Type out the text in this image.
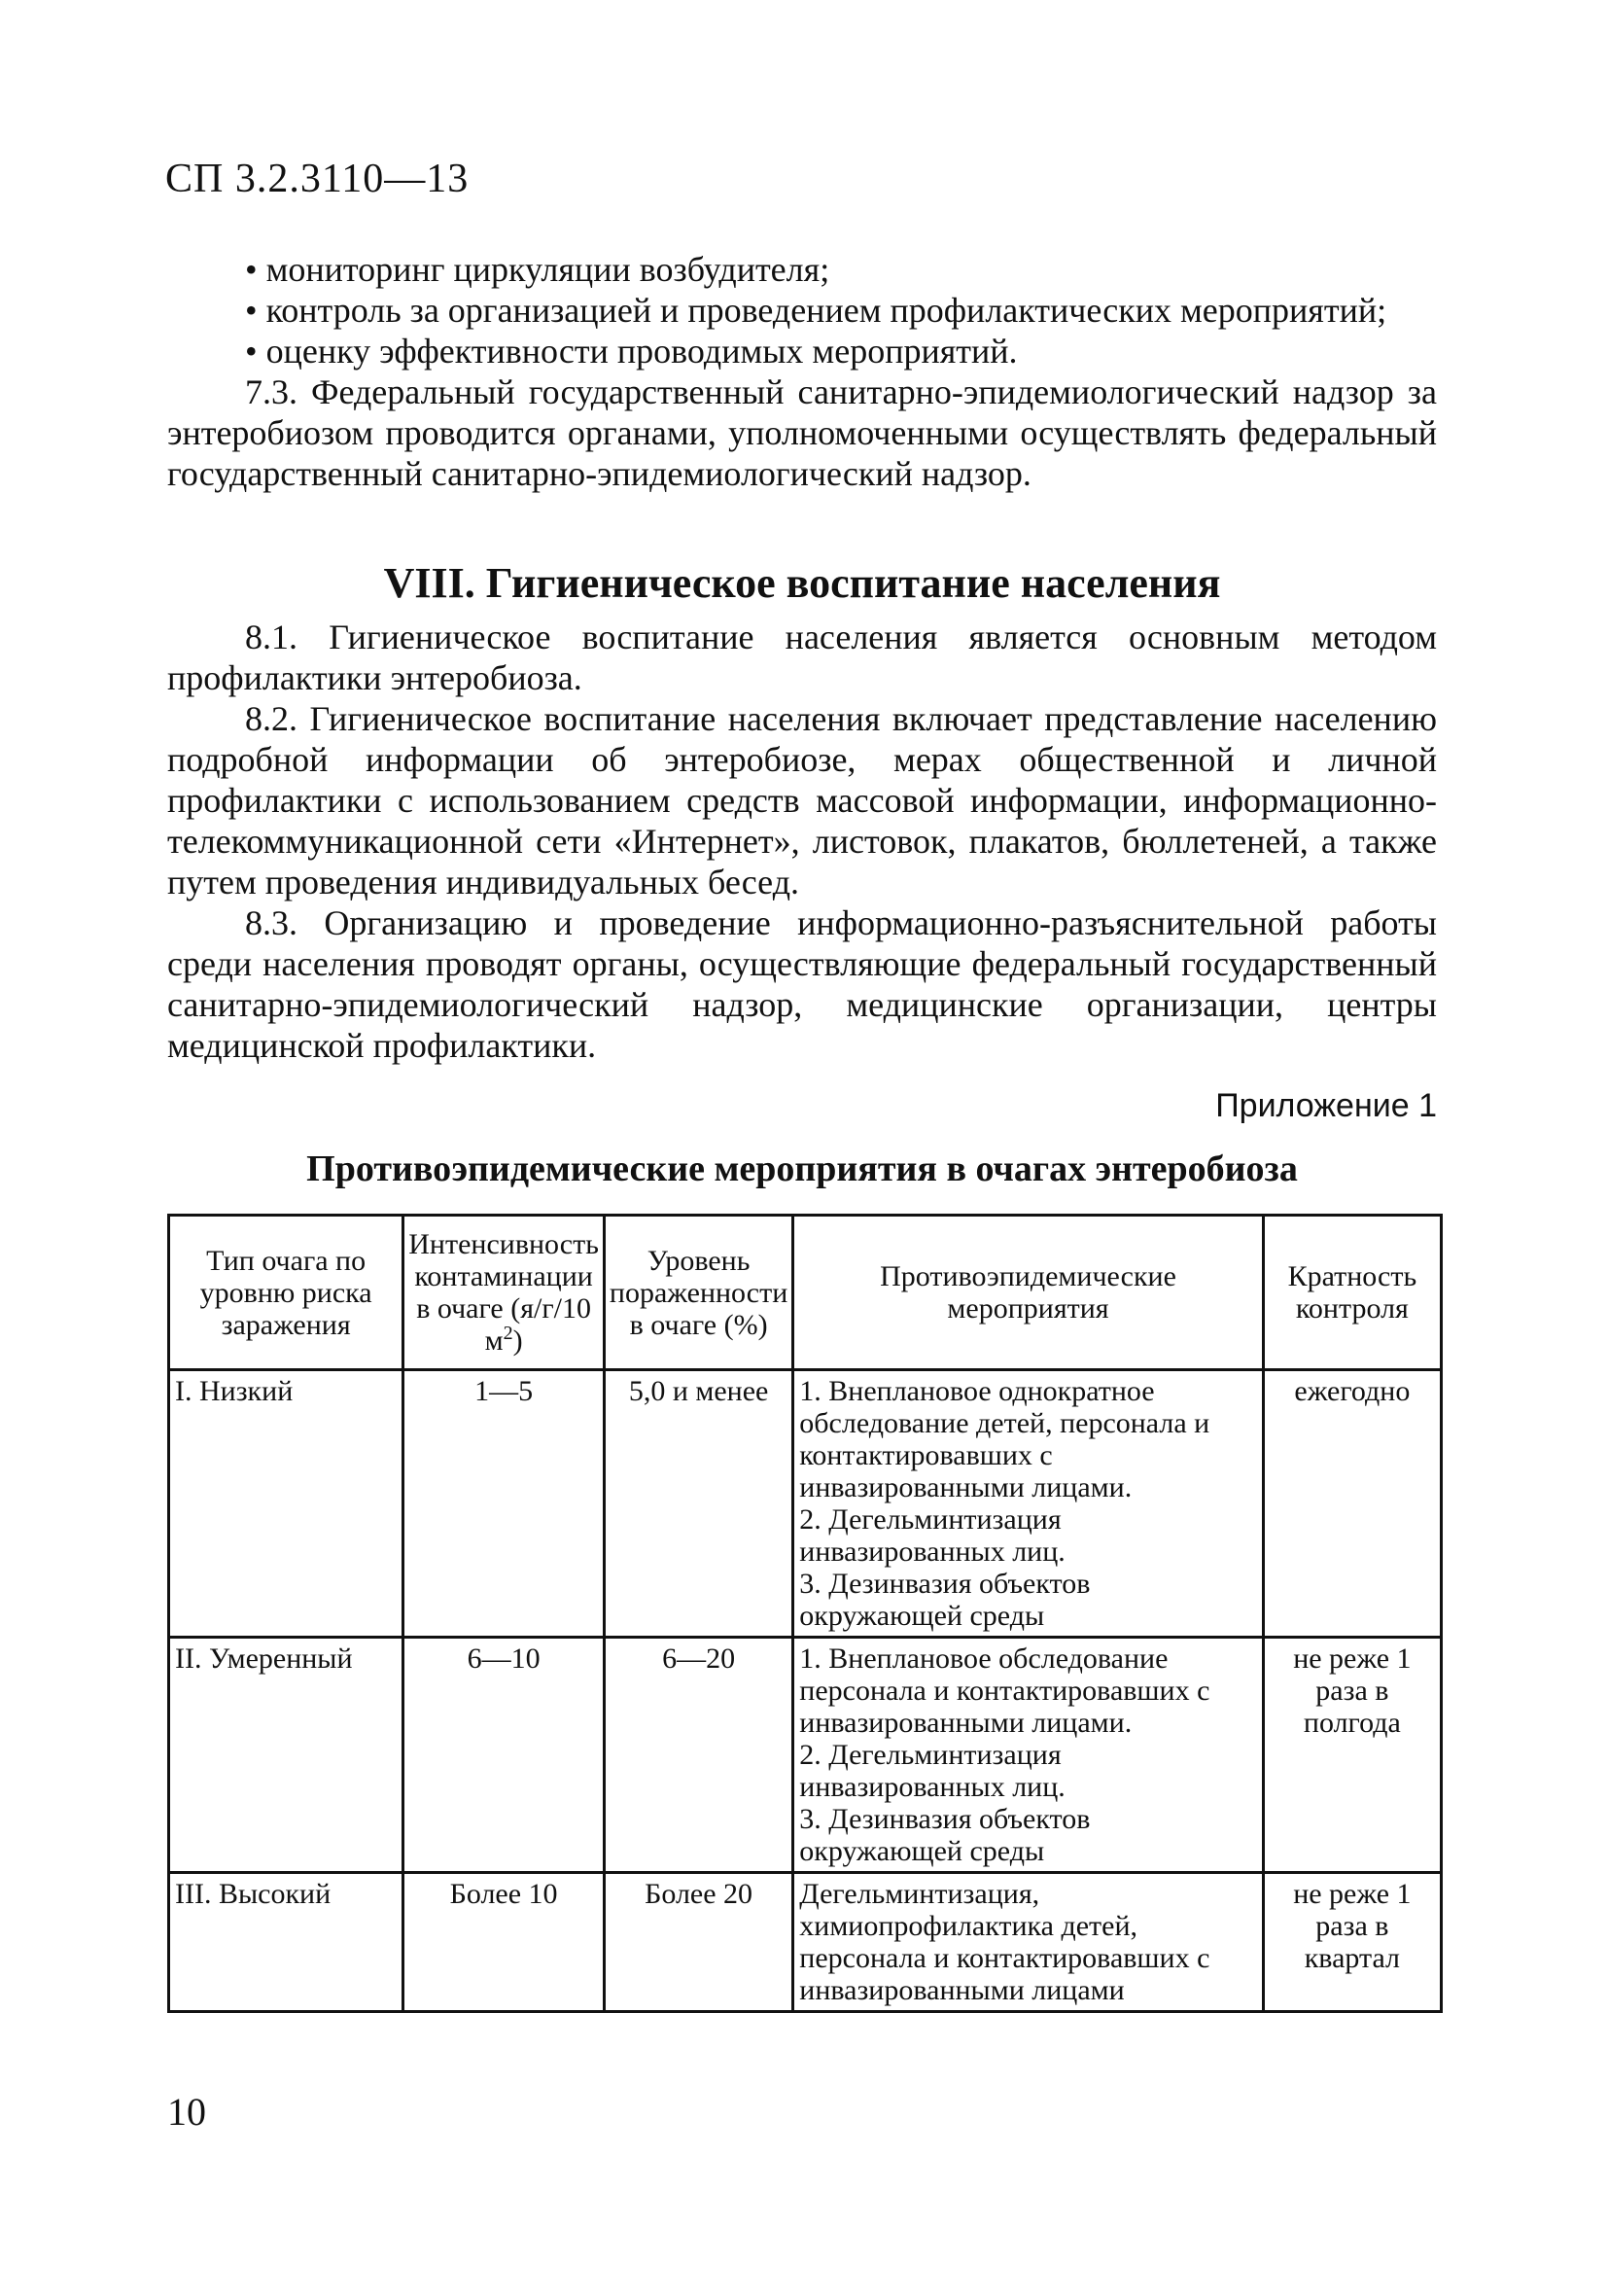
СП 3.2.3110—13

• мониторинг циркуляции возбудителя;

• контроль за организацией и проведением профилактических мероприятий;

• оценку эффективности проводимых мероприятий.

7.3. Федеральный государственный санитарно-эпидемиологический надзор за энтеробиозом проводится органами, уполномоченными осуществлять федеральный государственный санитарно-эпидемиологический надзор.

VIII. Гигиеническое воспитание населения

8.1. Гигиеническое воспитание населения является основным методом профилактики энтеробиоза.

8.2. Гигиеническое воспитание населения включает представление населению подробной информации об энтеробиозе, мерах общественной и личной профилактики с использованием средств массовой информации, информационно-телекоммуникационной сети «Интернет», листовок, плакатов, бюллетеней, а также путем проведения индивидуальных бесед.

8.3. Организацию и проведение информационно-разъяснительной работы среди населения проводят органы, осуществляющие федеральный государственный санитарно-эпидемиологический надзор, медицинские организации, центры медицинской профилактики.

Приложение 1
Противоэпидемические мероприятия в очагах энтеробиоза
Тип очага по уровню риска заражения	Интенсивность контаминации в очаге (я/г/10 $м^2$)	Уровень пораженности в очаге (%)	Противоэпидемические мероприятия	Кратность контроля
I. Низкий	1—5	5,0 и менее	1. Внеплановое однократное обследование детей, персонала и контактировавших с инвазированными лицами.
2. Дегельминтизация инвазированных лиц.
3. Дезинвазия объектов окружающей среды	ежегодно
II. Умеренный	6—10	6—20	1. Внеплановое обследование персонала и контактировавших с инвазированными лицами.
2. Дегельминтизация инвазированных лиц.
3. Дезинвазия объектов окружающей среды	не реже 1 раза в полгода
III. Высокий	Более 10	Более 20	Дегельминтизация, химиопрофилактика детей, персонала и контактировавших с инвазированными лицами	не реже 1 раза в квартал
10
